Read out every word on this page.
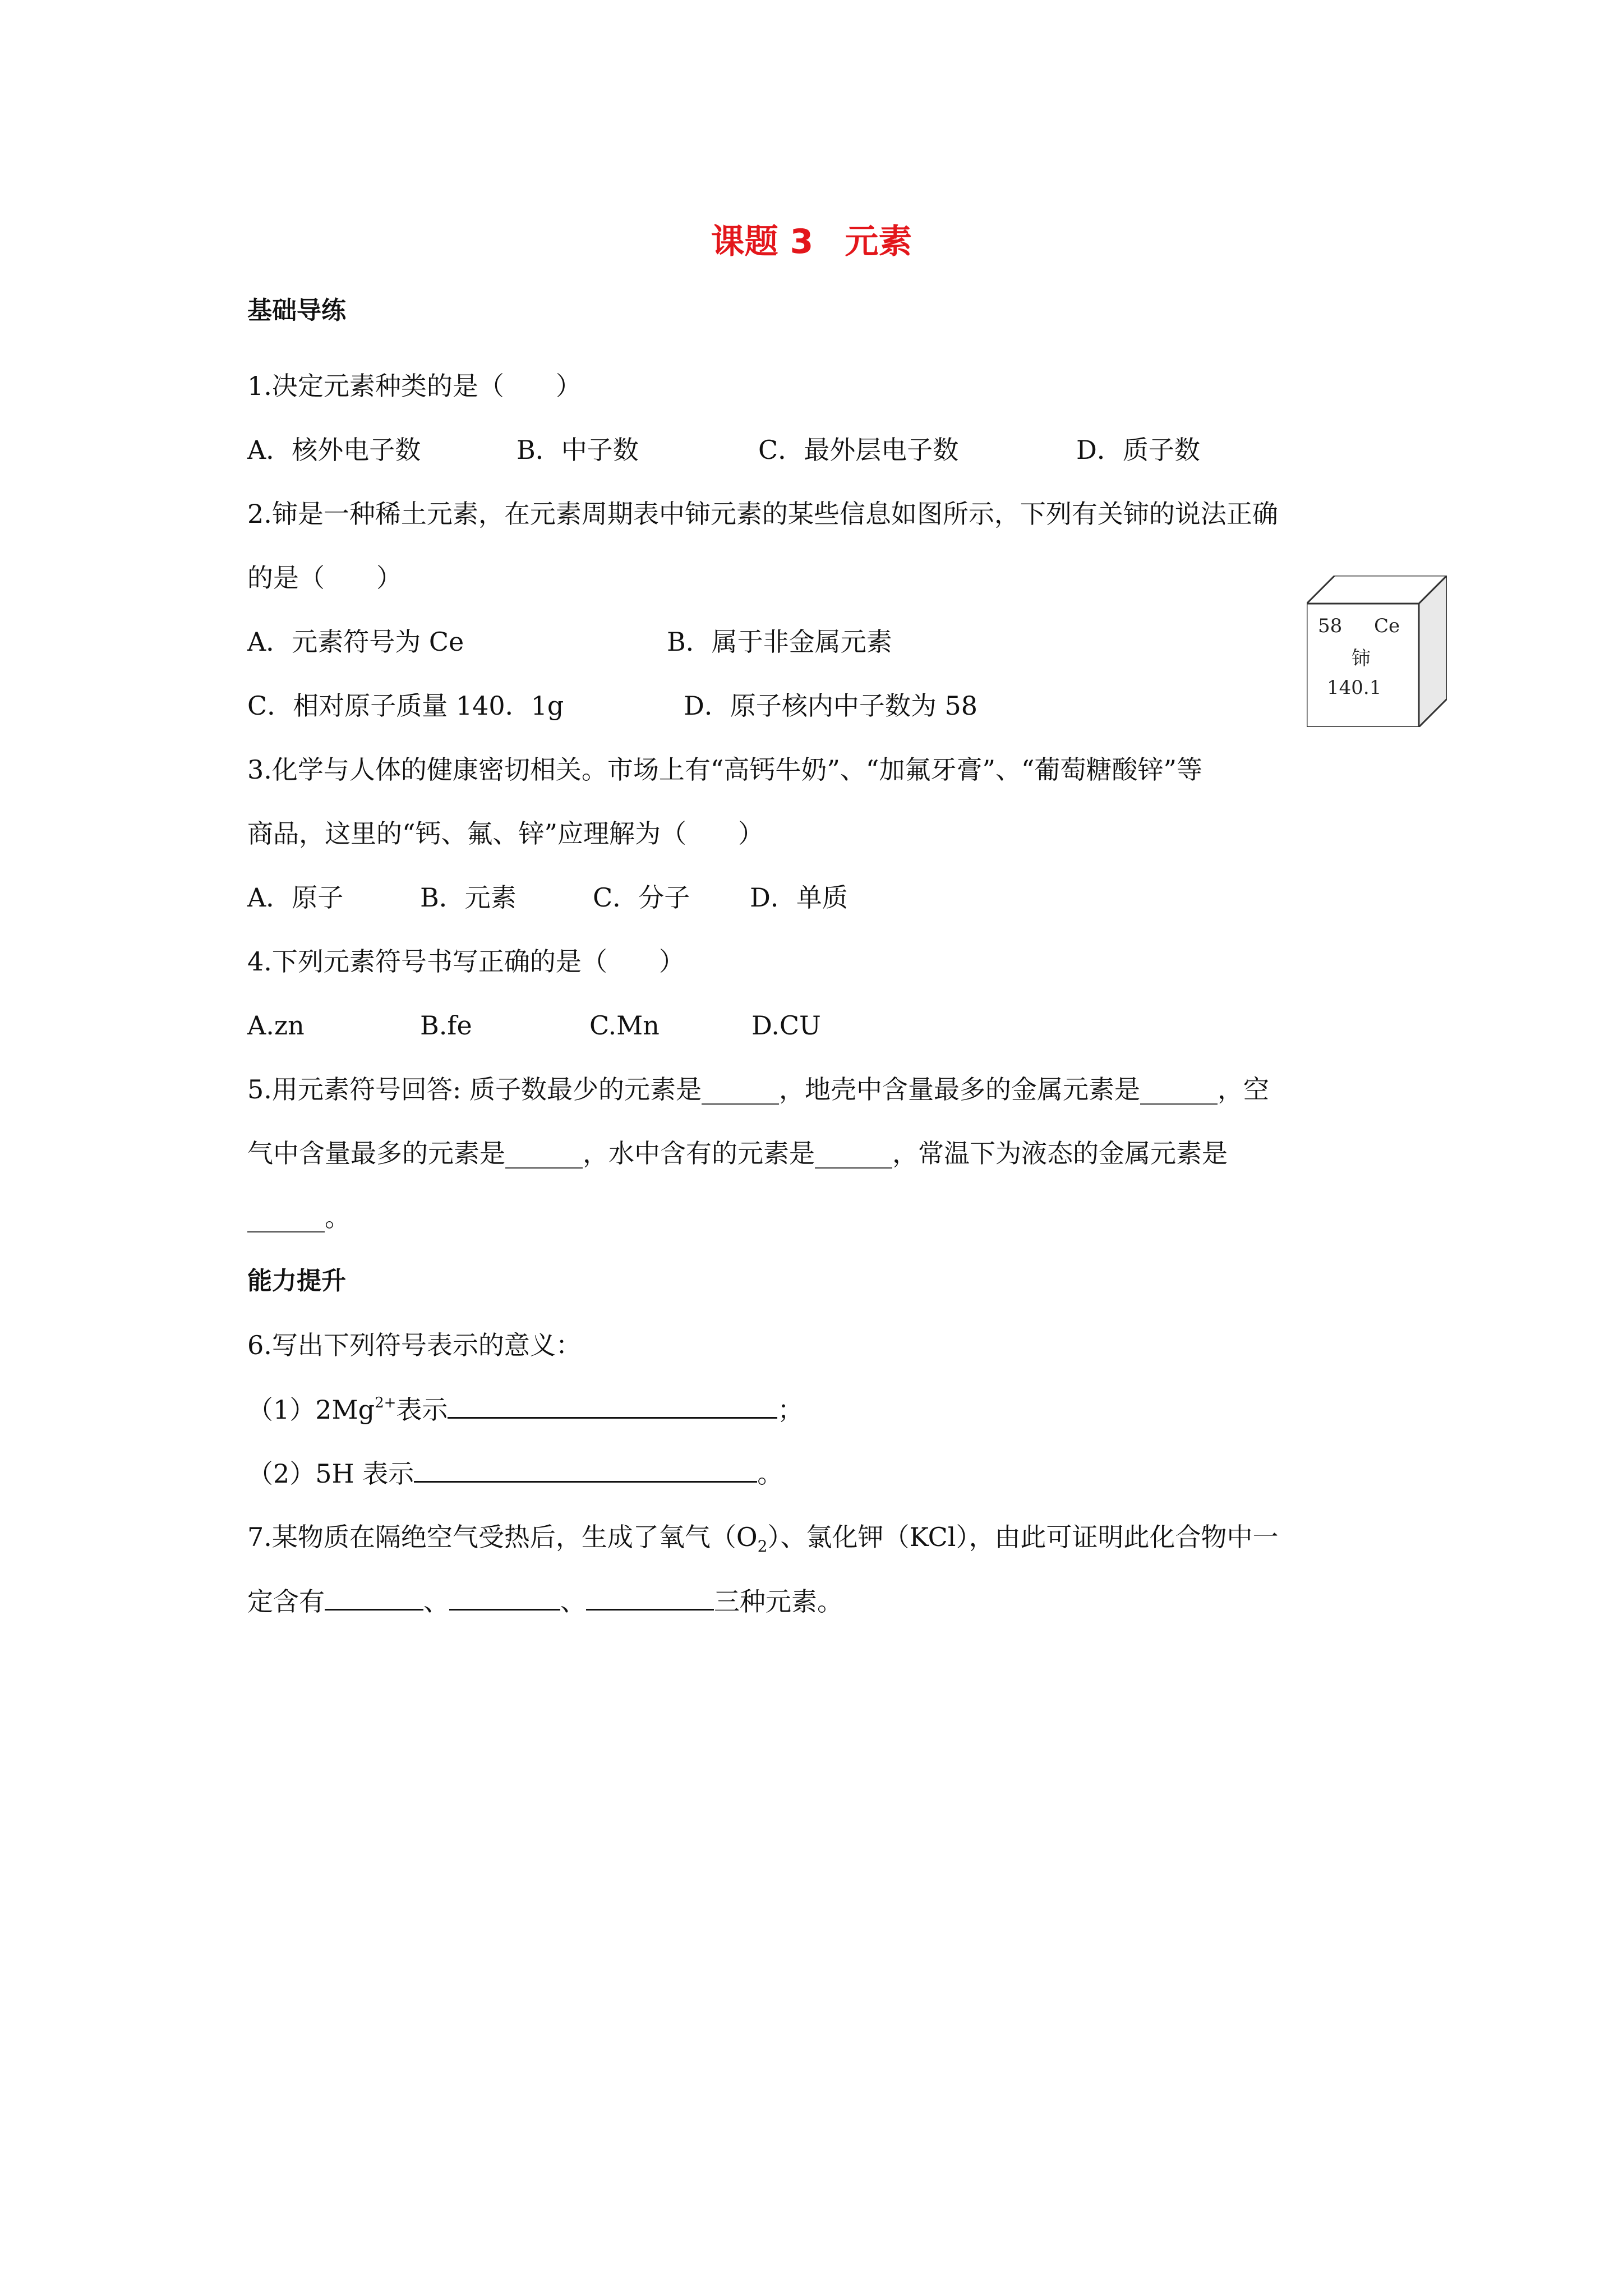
课题 3 元素
基础导练
1.决定元素种类的是（　　）
A．核外电子数	B．中子数	C．最外层电子数	D．质子数
2.铈是一种稀土元素，在元素周期表中铈元素的某些信息如图所示，下列有关铈的说法正确
的是（　　）
A．元素符号为 Ce	B．属于非金属元素
C．相对原子质量 140．1g	D．原子核内中子数为 58
58 Ce
铈
140.1
3.化学与人体的健康密切相关。市场上有“高钙牛奶”、“加氟牙膏”、“葡萄糖酸锌”等
商品，这里的“钙、氟、锌”应理解为（　　）
A．原子	B．元素	C．分子 D．单质
4.下列元素符号书写正确的是（　　）
A.zn	B.fe	C.Mn	D.CU
5.用元素符号回答: 质子数最少的元素是______，地壳中含量最多的金属元素是______，空
气中含量最多的元素是______，水中含有的元素是______，常温下为液态的金属元素是
______。
能力提升
6.写出下列符号表示的意义：
$(1)2Mg^{2+}$表示	；
（2）5H 表示	。
7.某物质在隔绝空气受热后，生成了氧气$(O_2)$、氯化钾（KCl），由此可证明此化合物中一
定含有	、	、	三种元素。
